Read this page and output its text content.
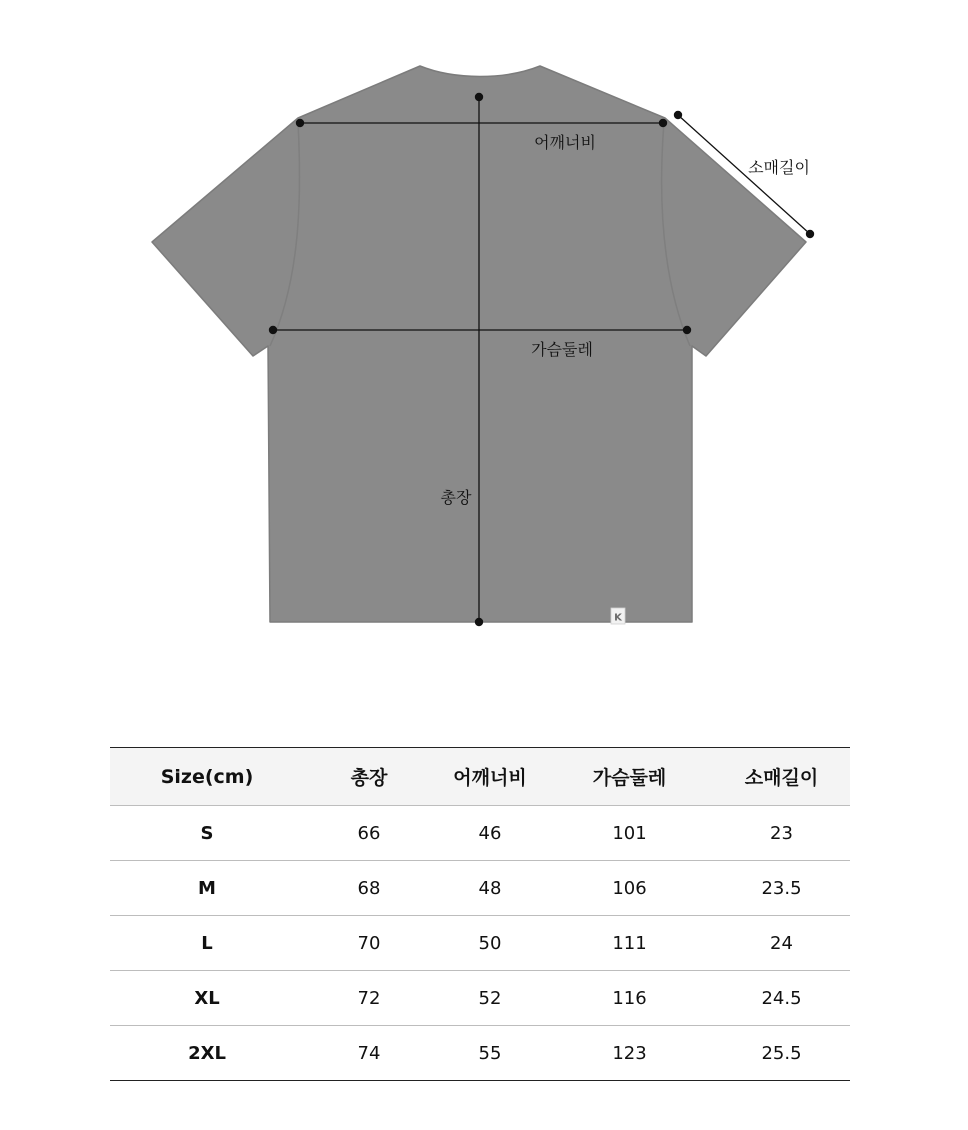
K
어깨너비
소매길이
가슴둘레
총장
Size(cm)	총장	어깨너비	가슴둘레	소매길이
S	66	46	101	23
M	68	48	106	23.5
L	70	50	111	24
XL	72	52	116	24.5
2XL	74	55	123	25.5
